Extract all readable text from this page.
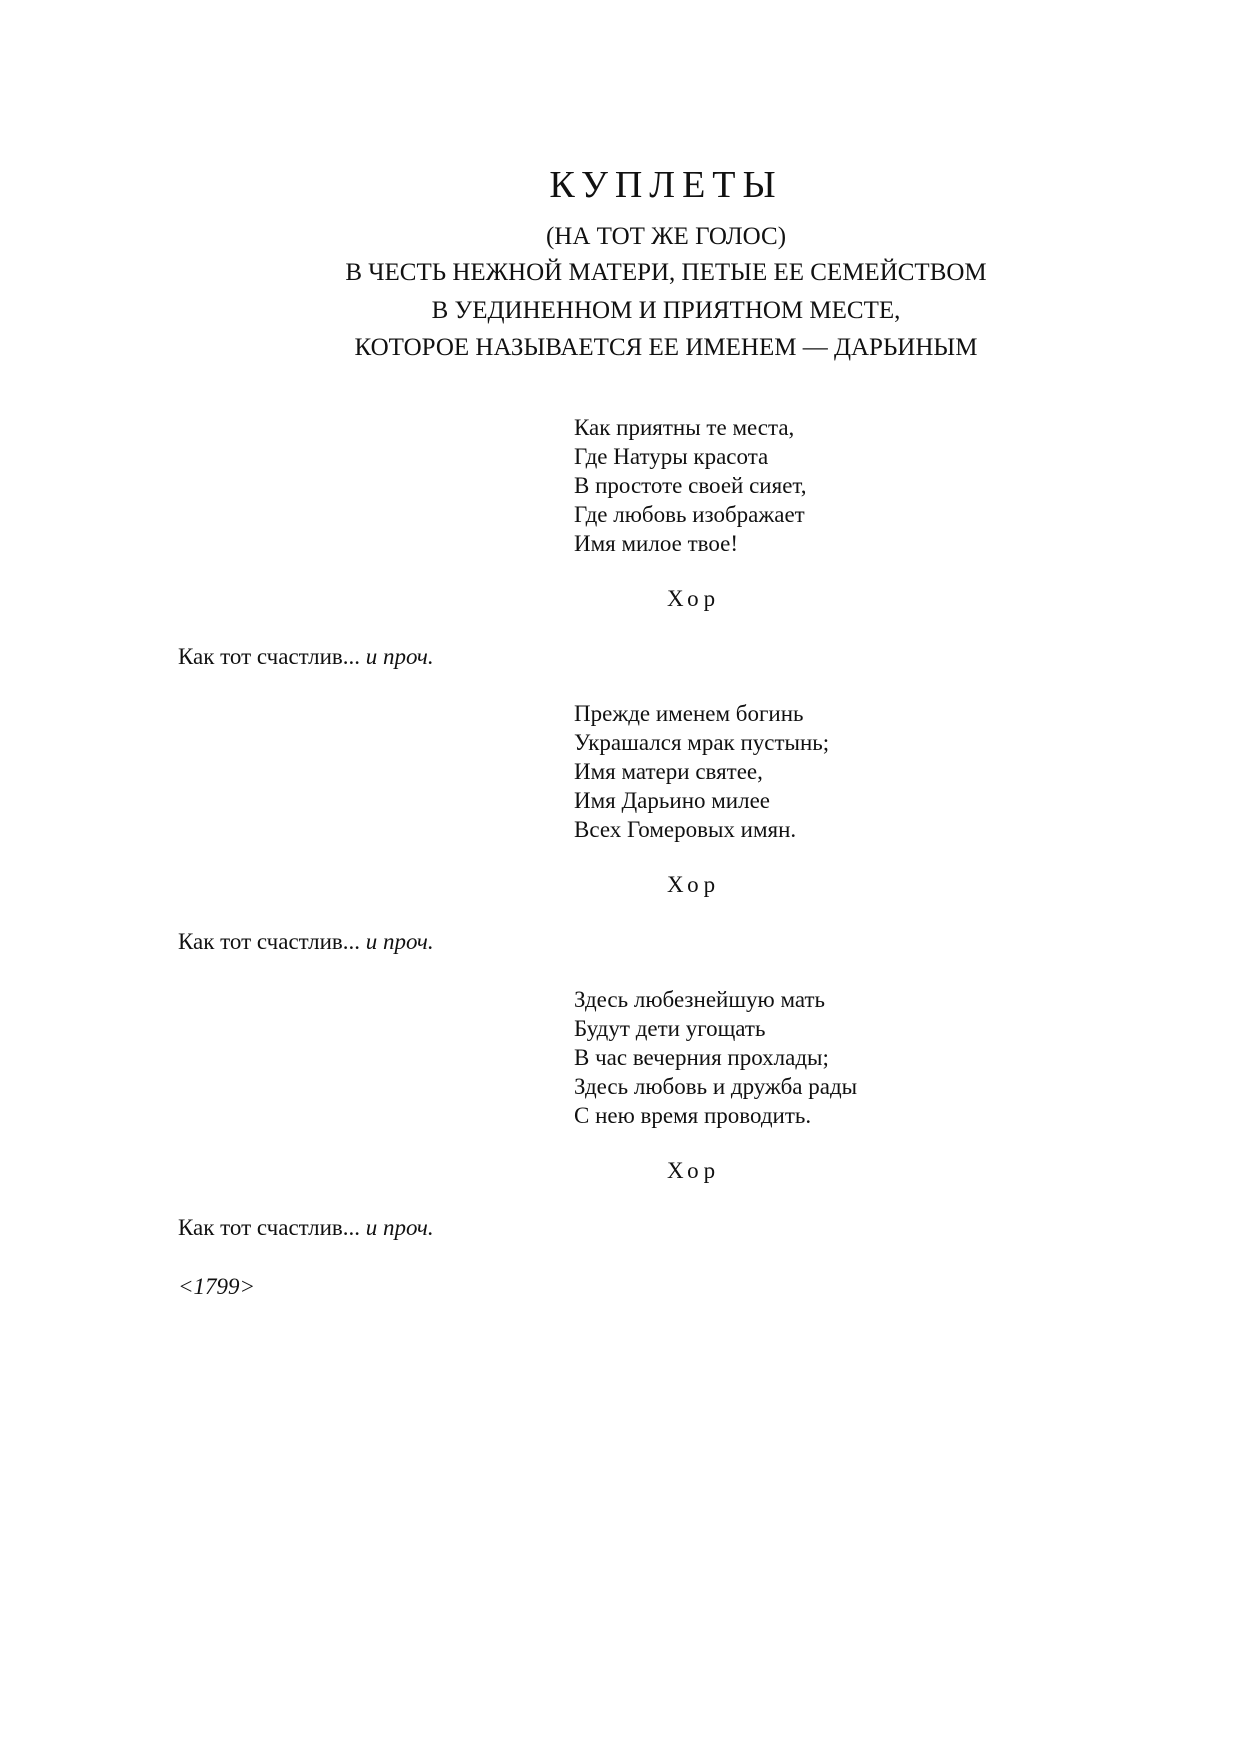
КУПЛЕТЫ
(НА ТОТ ЖЕ ГОЛОС)
В ЧЕСТЬ НЕЖНОЙ МАТЕРИ, ПЕТЫЕ ЕЕ СЕМЕЙСТВОМ
В УЕДИНЕННОМ И ПРИЯТНОМ МЕСТЕ,
КОТОРОЕ НАЗЫВАЕТСЯ ЕЕ ИМЕНЕМ — ДАРЬИНЫМ
Как приятны те места,
Где Натуры красота
В простоте своей сияет,
Где любовь изображает
Имя милое твое!
Хор
Как тот счастлив... и проч.
Прежде именем богинь
Украшался мрак пустынь;
Имя матери святее,
Имя Дарьино милее
Всех Гомеровых имян.
Хор
Как тот счастлив... и проч.
Здесь любезнейшую мать
Будут дети угощать
В час вечерния прохлады;
Здесь любовь и дружба рады
С нею время проводить.
Хор
Как тот счастлив... и проч.
<1799>
